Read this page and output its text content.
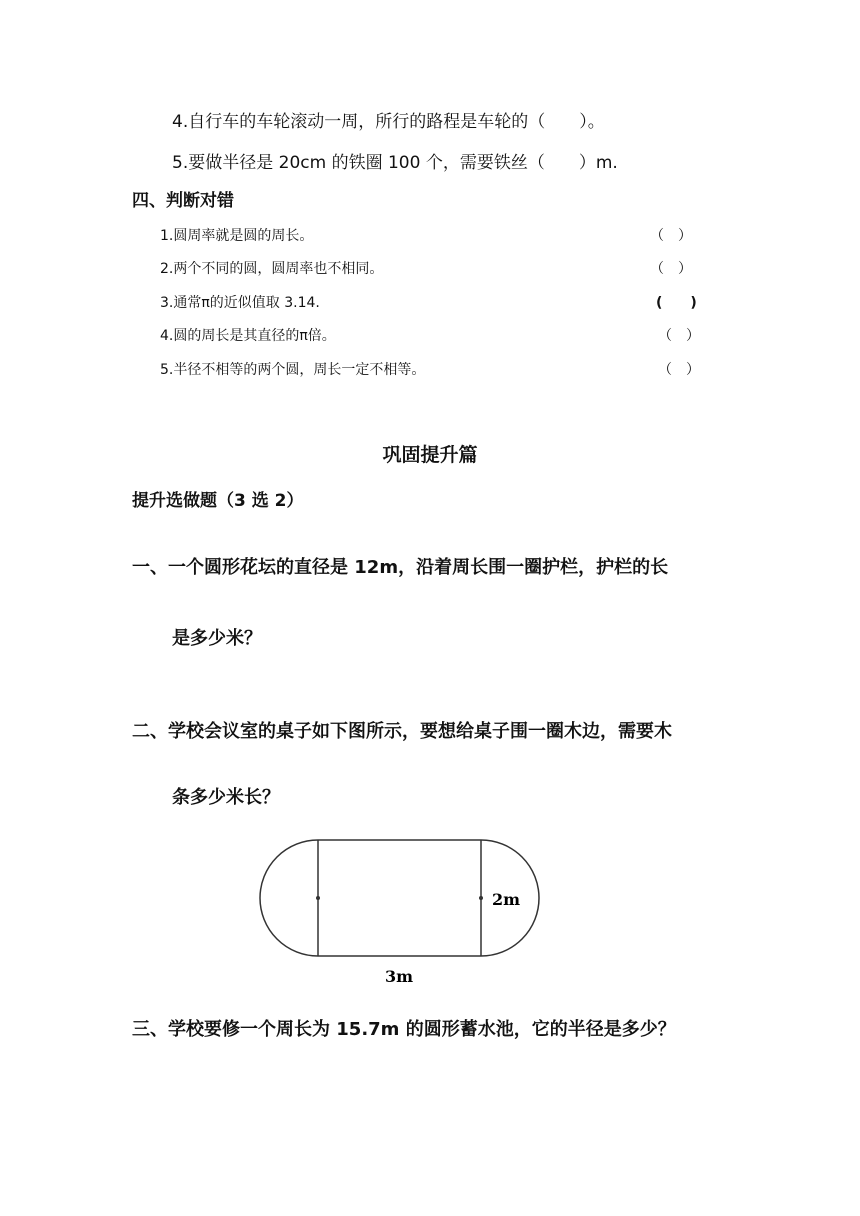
4.自行车的车轮滚动一周，所行的路程是车轮的（　　）。
5.要做半径是 20cm 的铁圈 100 个，需要铁丝（　　）m.
四、判断对错
1.圆周率就是圆的周长。	（　）
2.两个不同的圆，圆周率也不相同。	（　）
3.通常π的近似值取 3.14.	(　　)
4.圆的周长是其直径的π倍。	（　）
5.半径不相等的两个圆，周长一定不相等。	（　）
巩固提升篇
提升选做题（3 选 2）
一、一个圆形花坛的直径是 12m，沿着周长围一圈护栏，护栏的长
是多少米？
二、学校会议室的桌子如下图所示，要想给桌子围一圈木边，需要木
条多少米长？
2m
3m
三、学校要修一个周长为 15.7m 的圆形蓄水池，它的半径是多少？
